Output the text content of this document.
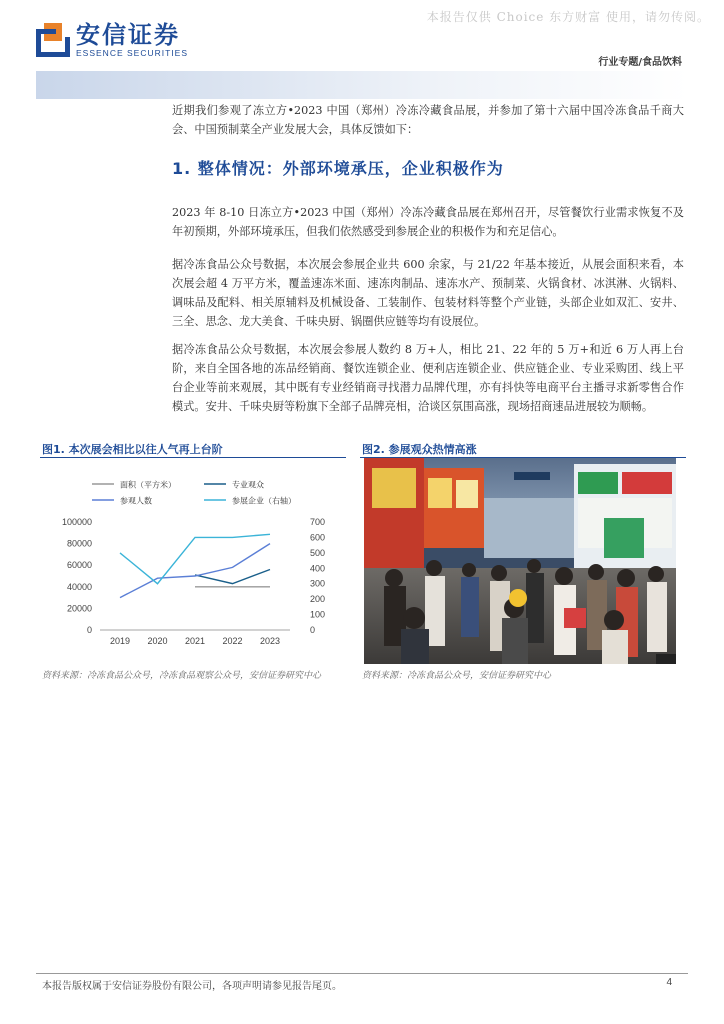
本报告仅供 Choice 东方财富 使用，请勿传阅。
安信证券
ESSENCE SECURITIES
行业专题/食品饮料
近期我们参观了冻立方•2023 中国（郑州）冷冻冷藏食品展，并参加了第十六届中国冷冻食品千商大会、中国预制菜全产业发展大会，具体反馈如下：
1. 整体情况：外部环境承压，企业积极作为
2023 年 8-10 日冻立方•2023 中国（郑州）冷冻冷藏食品展在郑州召开，尽管餐饮行业需求恢复不及年初预期，外部环境承压，但我们依然感受到参展企业的积极作为和充足信心。
据冷冻食品公众号数据，本次展会参展企业共 600 余家，与 21/22 年基本接近，从展会面积来看，本次展会超 4 万平方米，覆盖速冻米面、速冻肉制品、速冻水产、预制菜、火锅食材、冰淇淋、火锅料、调味品及配料、相关原辅料及机械设备、工装制作、包装材料等整个产业链，头部企业如双汇、安井、三全、思念、龙大美食、千味央厨、锅圈供应链等均有设展位。
据冷冻食品公众号数据，本次展会参展人数约 8 万+人，相比 21、22 年的 5 万+和近 6 万人再上台阶，来自全国各地的冻品经销商、餐饮连锁企业、便利店连锁企业、供应链企业、专业采购团、线上平台企业等前来观展，其中既有专业经销商寻找潜力品牌代理，亦有抖快等电商平台主播寻求新零售合作模式。安井、千味央厨等粉旗下全部子品牌亮相，洽谈区氛围高涨，现场招商速品进展较为顺畅。
图1. 本次展会相比以往人气再上台阶
面积（平方米）	专业观众
参观人数	参展企业（右轴）
0
20000
40000
60000
80000
100000
0
100
200
300
400
500
600
700
2019 2020 2021 2022 2023
资料来源：冷冻食品公众号，冷冻食品观察公众号，安信证券研究中心
图2. 参展观众热情高涨
资料来源：冷冻食品公众号，安信证券研究中心
本报告版权属于安信证券股份有限公司，各项声明请参见报告尾页。	4
